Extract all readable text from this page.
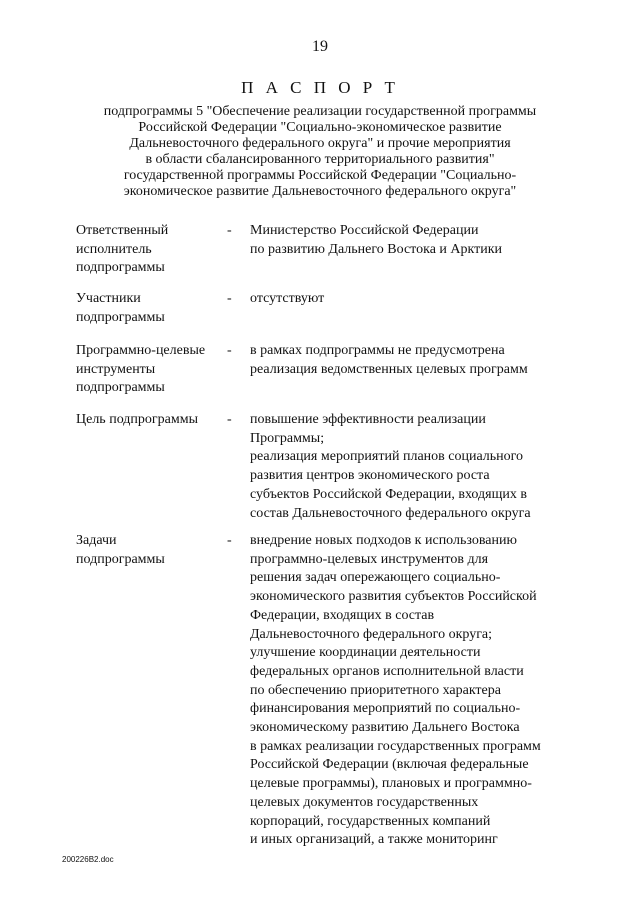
19
П А С П О Р Т
подпрограммы 5 "Обеспечение реализации государственной программы
Российской Федерации "Социально-экономическое развитие
Дальневосточного федерального округа" и прочие мероприятия
в области сбалансированного территориального развития"
государственной программы Российской Федерации "Социально-
экономическое развитие Дальневосточного федерального округа"
Ответственный
исполнитель
подпрограммы
- Министерство Российской Федерации
по развитию Дальнего Востока и Арктики
Участники
подпрограммы
- отсутствуют
Программно-целевые
инструменты
подпрограммы
- в рамках подпрограммы не предусмотрена
реализация ведомственных целевых программ
Цель подпрограммы	- повышение эффективности реализации
Программы;
реализация мероприятий планов социального
развития центров экономического роста
субъектов Российской Федерации, входящих в
состав Дальневосточного федерального округа
Задачи
подпрограммы
- внедрение новых подходов к использованию
программно-целевых инструментов для
решения задач опережающего социально-
экономического развития субъектов Российской
Федерации, входящих в состав
Дальневосточного федерального округа;
улучшение координации деятельности
федеральных органов исполнительной власти
по обеспечению приоритетного характера
финансирования мероприятий по социально-
экономическому развитию Дальнего Востока
в рамках реализации государственных программ
Российской Федерации (включая федеральные
целевые программы), плановых и программно-
целевых документов государственных
корпораций, государственных компаний
и иных организаций, а также мониторинг
200226B2.doc
